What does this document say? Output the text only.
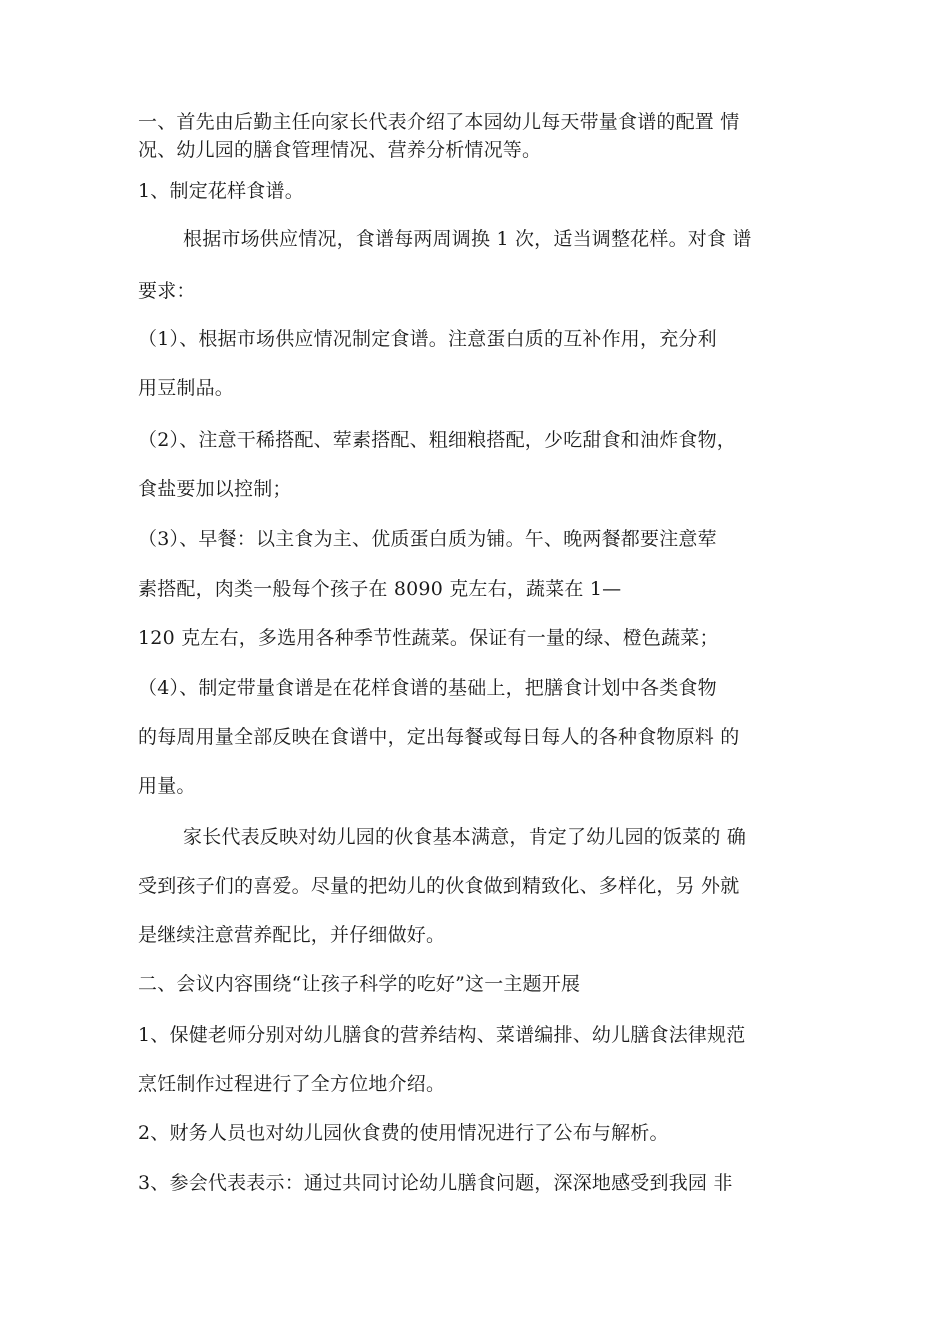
一、首先由后勤主任向家长代表介绍了本园幼儿每天带量食谱的配置 情
况、幼儿园的膳食管理情况、营养分析情况等。
1、制定花样食谱。
根据市场供应情况，食谱每两周调换 1 次，适当调整花样。对食 谱
要求：
（1）、根据市场供应情况制定食谱。注意蛋白质的互补作用，充分利
用豆制品。
（2）、注意干稀搭配、荤素搭配、粗细粮搭配，少吃甜食和油炸食物，
食盐要加以控制；
（3）、早餐：以主食为主、优质蛋白质为铺。午、晚两餐都要注意荤
素搭配，肉类一般每个孩子在 8090 克左右，蔬菜在 1—
120 克左右，多选用各种季节性蔬菜。保证有一量的绿、橙色蔬菜；
（4）、制定带量食谱是在花样食谱的基础上，把膳食计划中各类食物
的每周用量全部反映在食谱中，定出每餐或每日每人的各种食物原料 的
用量。
家长代表反映对幼儿园的伙食基本满意，肯定了幼儿园的饭菜的 确
受到孩子们的喜爱。尽量的把幼儿的伙食做到精致化、多样化，另 外就
是继续注意营养配比，并仔细做好。
二、会议内容围绕“让孩子科学的吃好”这一主题开展
1、保健老师分别对幼儿膳食的营养结构、菜谱编排、幼儿膳食法律规范
烹饪制作过程进行了全方位地介绍。
2、财务人员也对幼儿园伙食费的使用情况进行了公布与解析。
3、参会代表表示：通过共同讨论幼儿膳食问题，深深地感受到我园 非
